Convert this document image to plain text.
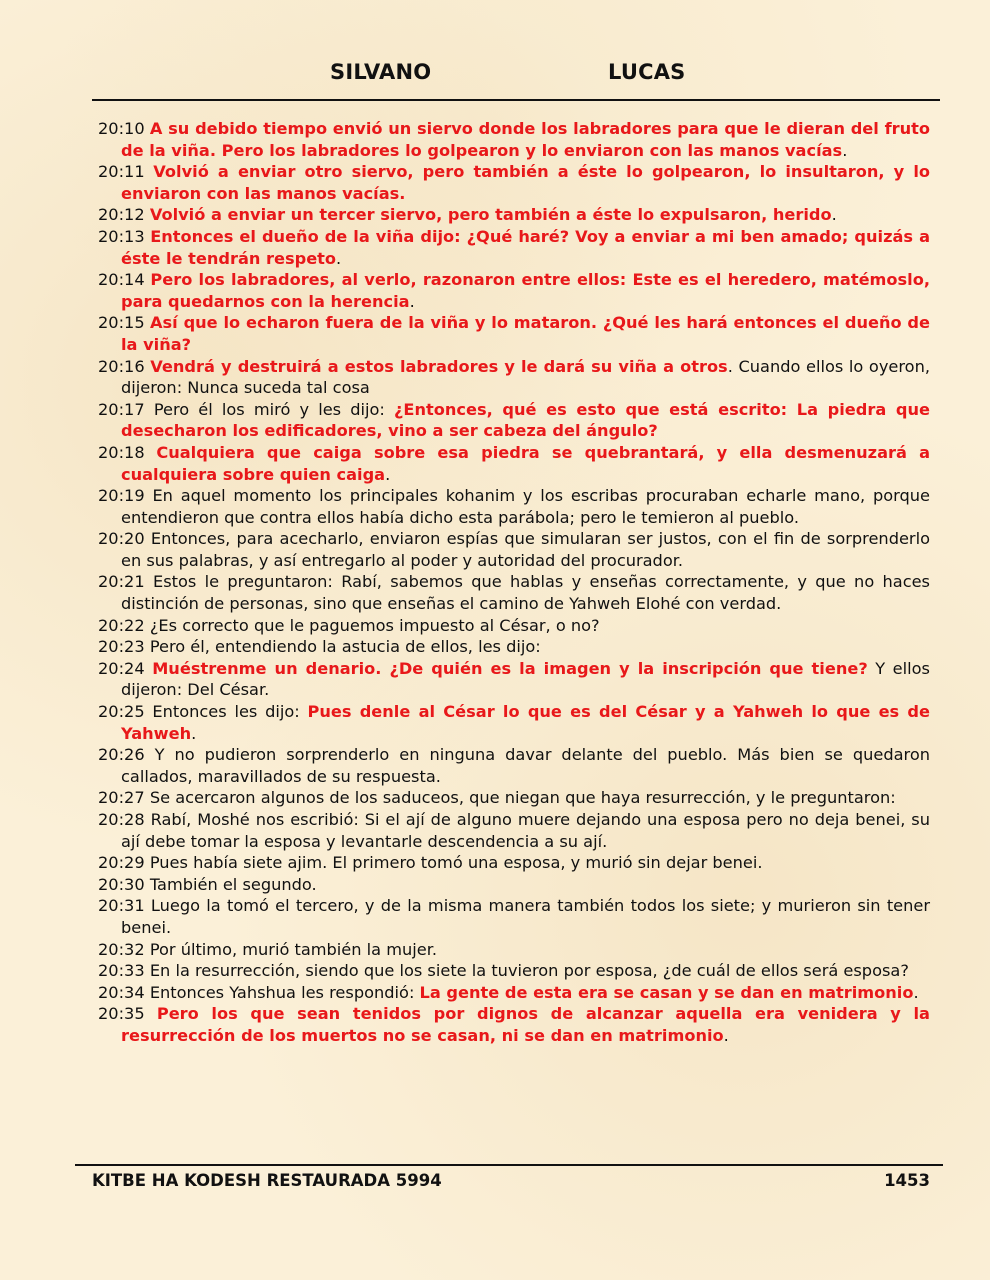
SILVANO	LUCAS
20:10 A su debido tiempo envió un siervo donde los labradores para que le dieran del fruto de la viña. Pero los labradores lo golpearon y lo enviaron con las manos vacías.
20:11 Volvió a enviar otro siervo, pero también a éste lo golpearon, lo insultaron, y lo enviaron con las manos vacías.
20:12 Volvió a enviar un tercer siervo, pero también a éste lo expulsaron, herido.
20:13 Entonces el dueño de la viña dijo: ¿Qué haré? Voy a enviar a mi ben amado; quizás a éste le tendrán respeto.
20:14 Pero los labradores, al verlo, razonaron entre ellos: Este es el heredero, matémoslo, para quedarnos con la herencia.
20:15 Así que lo echaron fuera de la viña y lo mataron. ¿Qué les hará entonces el dueño de la viña?
20:16 Vendrá y destruirá a estos labradores y le dará su viña a otros. Cuando ellos lo oyeron, dijeron: Nunca suceda tal cosa
20:17 Pero él los miró y les dijo: ¿Entonces, qué es esto que está escrito: La piedra que desecharon los edificadores, vino a ser cabeza del ángulo?
20:18 Cualquiera que caiga sobre esa piedra se quebrantará, y ella desmenuzará a cualquiera sobre quien caiga.
20:19 En aquel momento los principales kohanim y los escribas procuraban echarle mano, porque entendieron que contra ellos había dicho esta parábola; pero le temieron al pueblo.
20:20 Entonces, para acecharlo, enviaron espías que simularan ser justos, con el fin de sorprenderlo en sus palabras, y así entregarlo al poder y autoridad del procurador.
20:21 Estos le preguntaron: Rabí, sabemos que hablas y enseñas correctamente, y que no haces distinción de personas, sino que enseñas el camino de Yahweh Elohé con verdad.
20:22 ¿Es correcto que le paguemos impuesto al César, o no?
20:23 Pero él, entendiendo la astucia de ellos, les dijo:
20:24 Muéstrenme un denario. ¿De quién es la imagen y la inscripción que tiene? Y ellos dijeron: Del César.
20:25 Entonces les dijo: Pues denle al César lo que es del César y a Yahweh lo que es de Yahweh.
20:26 Y no pudieron sorprenderlo en ninguna davar delante del pueblo. Más bien se quedaron callados, maravillados de su respuesta.
20:27 Se acercaron algunos de los saduceos, que niegan que haya resurrección, y le preguntaron:
20:28 Rabí, Moshé nos escribió: Si el ají de alguno muere dejando una esposa pero no deja benei, su ají debe tomar la esposa y levantarle descendencia a su ají.
20:29 Pues había siete ajim. El primero tomó una esposa, y murió sin dejar benei.
20:30 También el segundo.
20:31 Luego la tomó el tercero, y de la misma manera también todos los siete; y murieron sin tener benei.
20:32 Por último, murió también la mujer.
20:33 En la resurrección, siendo que los siete la tuvieron por esposa, ¿de cuál de ellos será esposa?
20:34 Entonces Yahshua les respondió: La gente de esta era se casan y se dan en matrimonio.
20:35 Pero los que sean tenidos por dignos de alcanzar aquella era venidera y la resurrección de los muertos no se casan, ni se dan en matrimonio.
KITBE HA KODESH RESTAURADA 5994	1453
